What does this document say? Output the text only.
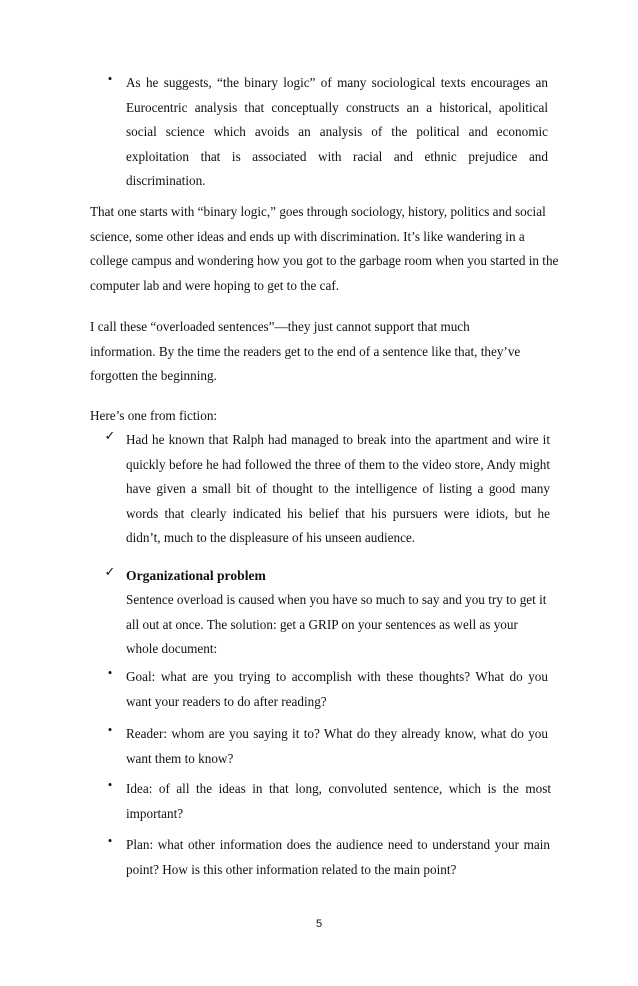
•	As he suggests, “the binary logic” of many sociological texts encourages an Eurocentric analysis that conceptually constructs an a historical, apolitical social science which avoids an analysis of the political and economic exploitation that is associated with racial and ethnic prejudice and discrimination.
That one starts with “binary logic,” goes through sociology, history, politics and social science, some other ideas and ends up with discrimination. It’s like wandering in a college campus and wondering how you got to the garbage room when you started in the computer lab and were hoping to get to the caf.
I call these “overloaded sentences”—they just cannot support that much information. By the time the readers get to the end of a sentence like that, they’ve forgotten the beginning.
Here’s one from fiction:
✓ Had he known that Ralph had managed to break into the apartment and wire it quickly before he had followed the three of them to the video store, Andy might have given a small bit of thought to the intelligence of listing a good many words that clearly indicated his belief that his pursuers were idiots, but he didn’t, much to the displeasure of his unseen audience.
✓ Organizational problem
Sentence overload is caused when you have so much to say and you try to get it all out at once. The solution: get a GRIP on your sentences as well as your whole document:
•	Goal: what are you trying to accomplish with these thoughts? What do you want your readers to do after reading?
•	Reader: whom are you saying it to? What do they already know, what do you want them to know?
•	Idea: of all the ideas in that long, convoluted sentence, which is the most important?
•	Plan: what other information does the audience need to understand your main point? How is this other information related to the main point?
5
